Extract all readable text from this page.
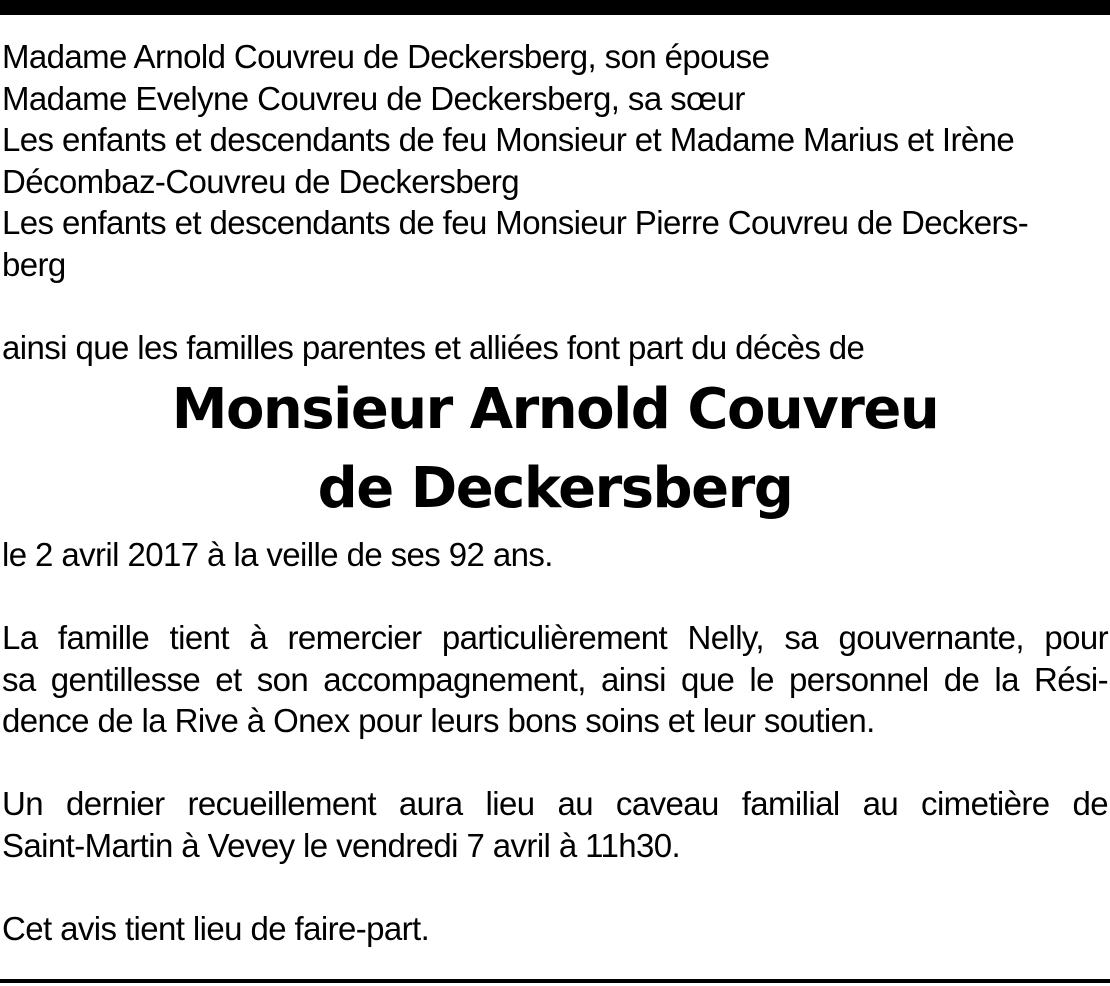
Madame Arnold Couvreu de Deckersberg, son épouse
Madame Evelyne Couvreu de Deckersberg, sa sœur
Les enfants et descendants de feu Monsieur et Madame Marius et Irène
Décombaz-Couvreu de Deckersberg
Les enfants et descendants de feu Monsieur Pierre Couvreu de Deckers-
berg
ainsi que les familles parentes et alliées font part du décès de
Monsieur Arnold Couvreu
de Deckersberg
le 2 avril 2017 à la veille de ses 92 ans.
La famille tient à remercier particulièrement Nelly, sa gouvernante, pour
sa gentillesse et son accompagnement, ainsi que le personnel de la Rési-
dence de la Rive à Onex pour leurs bons soins et leur soutien.
Un dernier recueillement aura lieu au caveau familial au cimetière de
Saint-Martin à Vevey le vendredi 7 avril à 11h30.
Cet avis tient lieu de faire-part.
